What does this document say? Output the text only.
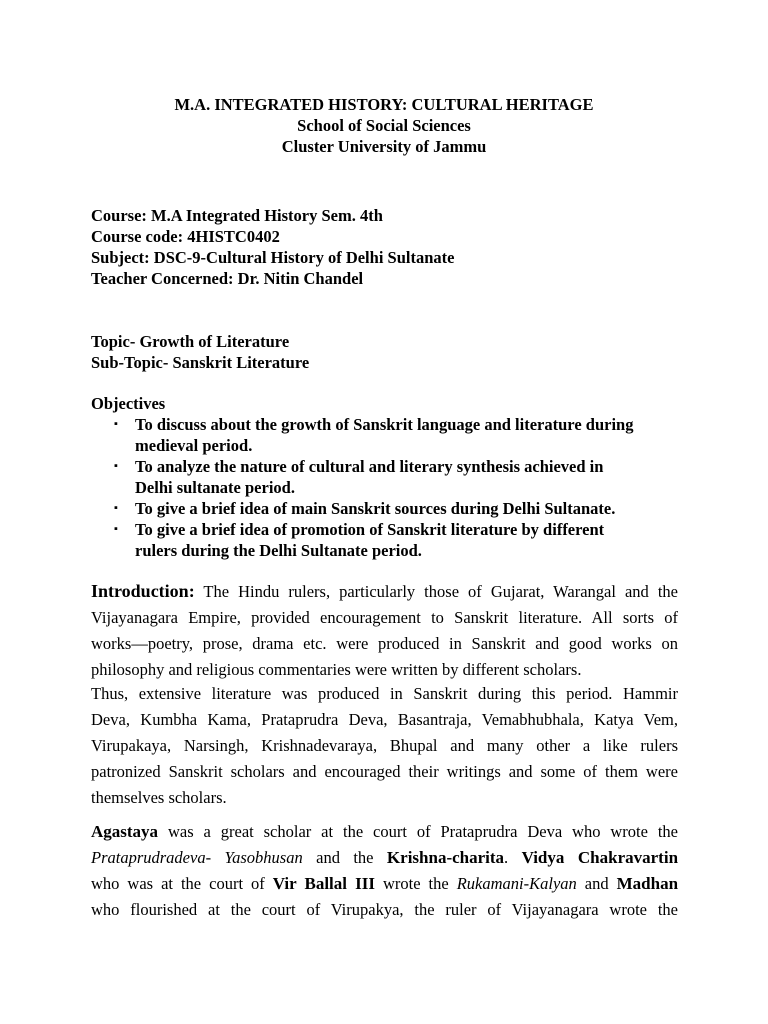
M.A. INTEGRATED HISTORY: CULTURAL HERITAGE
School of Social Sciences
Cluster University of Jammu
Course: M.A Integrated History Sem. 4th
Course code: 4HISTC0402
Subject: DSC-9-Cultural History of Delhi Sultanate
Teacher Concerned: Dr. Nitin Chandel
Topic- Growth of Literature
Sub-Topic- Sanskrit Literature
Objectives
▪ To discuss about the growth of Sanskrit language and literature during
medieval period.
▪ To analyze the nature of cultural and literary synthesis achieved in
Delhi sultanate period.
▪ To give a brief idea of main Sanskrit sources during Delhi Sultanate.
▪ To give a brief idea of promotion of Sanskrit literature by different
rulers during the Delhi Sultanate period.
Introduction: The Hindu rulers, particularly those of Gujarat, Warangal and the
Vijayanagara Empire, provided encouragement to Sanskrit literature. All sorts of
works—poetry, prose, drama etc. were produced in Sanskrit and good works on
philosophy and religious commentaries were written by different scholars.
Thus, extensive literature was produced in Sanskrit during this period. Hammir
Deva, Kumbha Kama, Prataprudra Deva, Basantraja, Vemabhubhala, Katya Vem,
Virupakaya, Narsingh, Krishnadevaraya, Bhupal and many other a like rulers
patronized Sanskrit scholars and encouraged their writings and some of them were
themselves scholars.
Agastaya was a great scholar at the court of Prataprudra Deva who wrote the
Prataprudradeva- Yasobhusan and the Krishna-charita. Vidya Chakravartin
who was at the court of Vir Ballal III wrote the Rukamani-Kalyan and Madhan
who flourished at the court of Virupakya, the ruler of Vijayanagara wrote the
